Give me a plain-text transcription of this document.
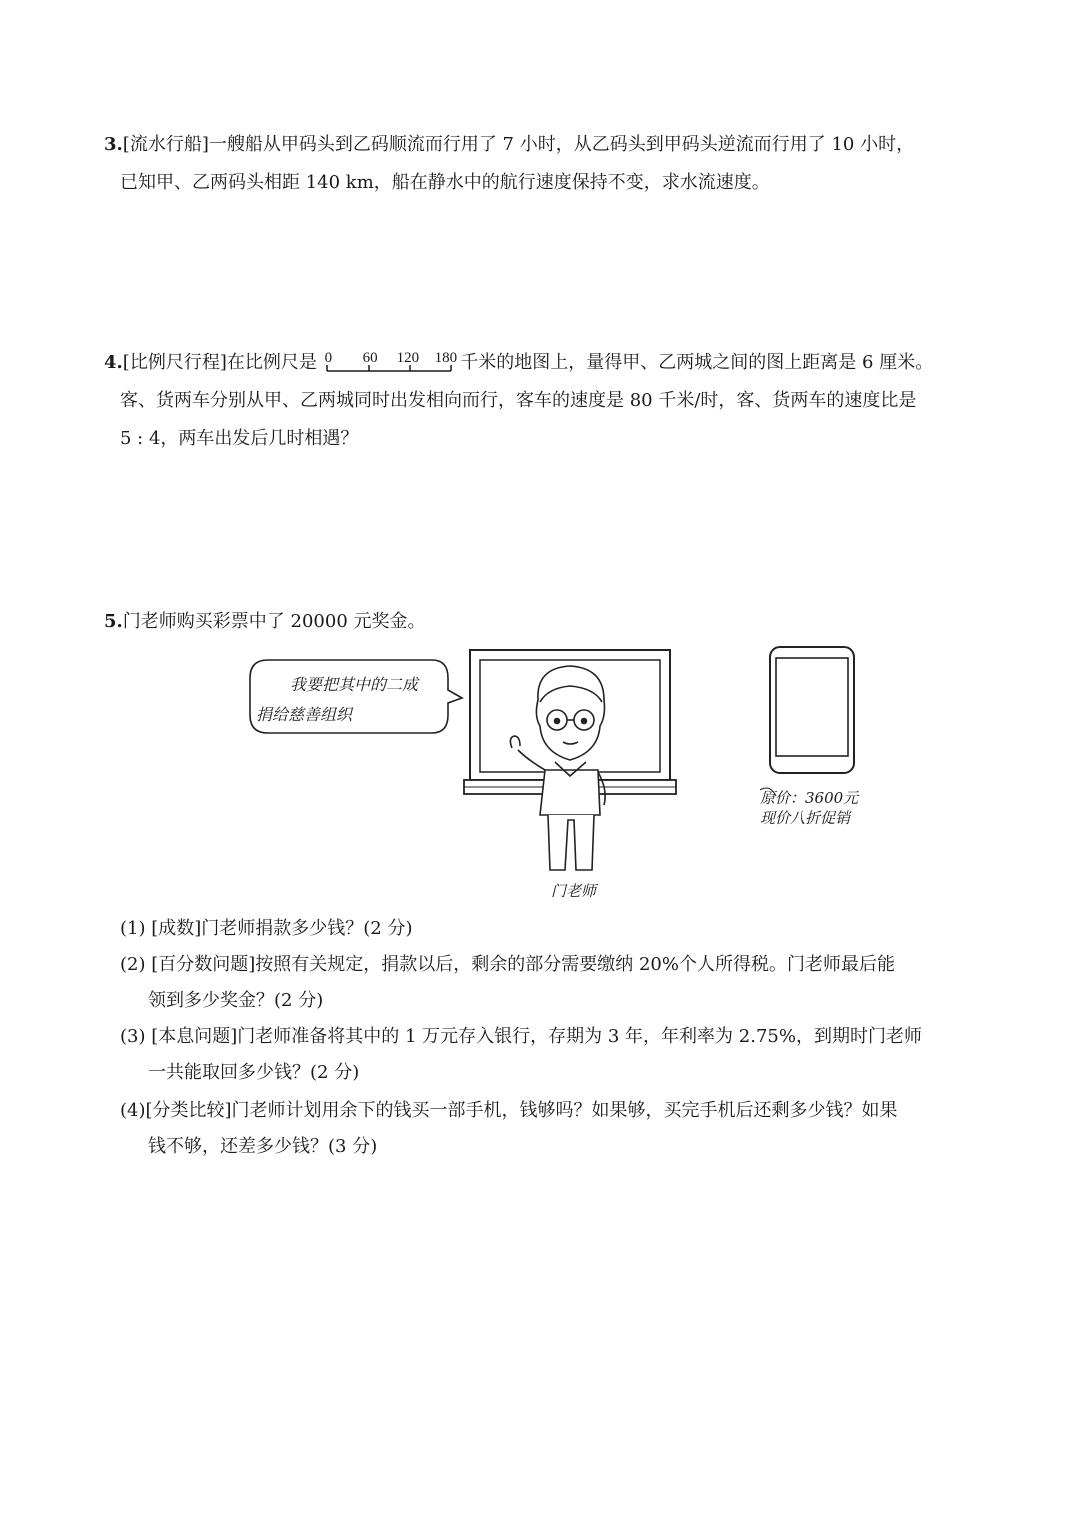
3.[流水行船]一艘船从甲码头到乙码顺流而行用了 7 小时，从乙码头到甲码头逆流而行用了 10 小时，
已知甲、乙两码头相距 140 km，船在静水中的航行速度保持不变，求水流速度。
4.[比例尺行程]在比例尺是 0 60 120 180 千米的地图上，量得甲、乙两城之间的图上距离是 6 厘米。
客、货两车分别从甲、乙两城同时出发相向而行，客车的速度是 80 千米/时，客、货两车的速度比是
5 : 4，两车出发后几时相遇？
5.门老师购买彩票中了 20000 元奖金。
我要把其中的二成
捐给慈善组织
原价：3600元
现价八折促销
门老师
(1) [成数]门老师捐款多少钱？(2 分)
(2) [百分数问题]按照有关规定，捐款以后，剩余的部分需要缴纳 20%个人所得税。门老师最后能
领到多少奖金？(2 分)
(3) [本息问题]门老师准备将其中的 1 万元存入银行，存期为 3 年，年利率为 2.75%，到期时门老师
一共能取回多少钱？(2 分)
(4)[分类比较]门老师计划用余下的钱买一部手机，钱够吗？如果够，买完手机后还剩多少钱？如果
钱不够，还差多少钱？(3 分)
